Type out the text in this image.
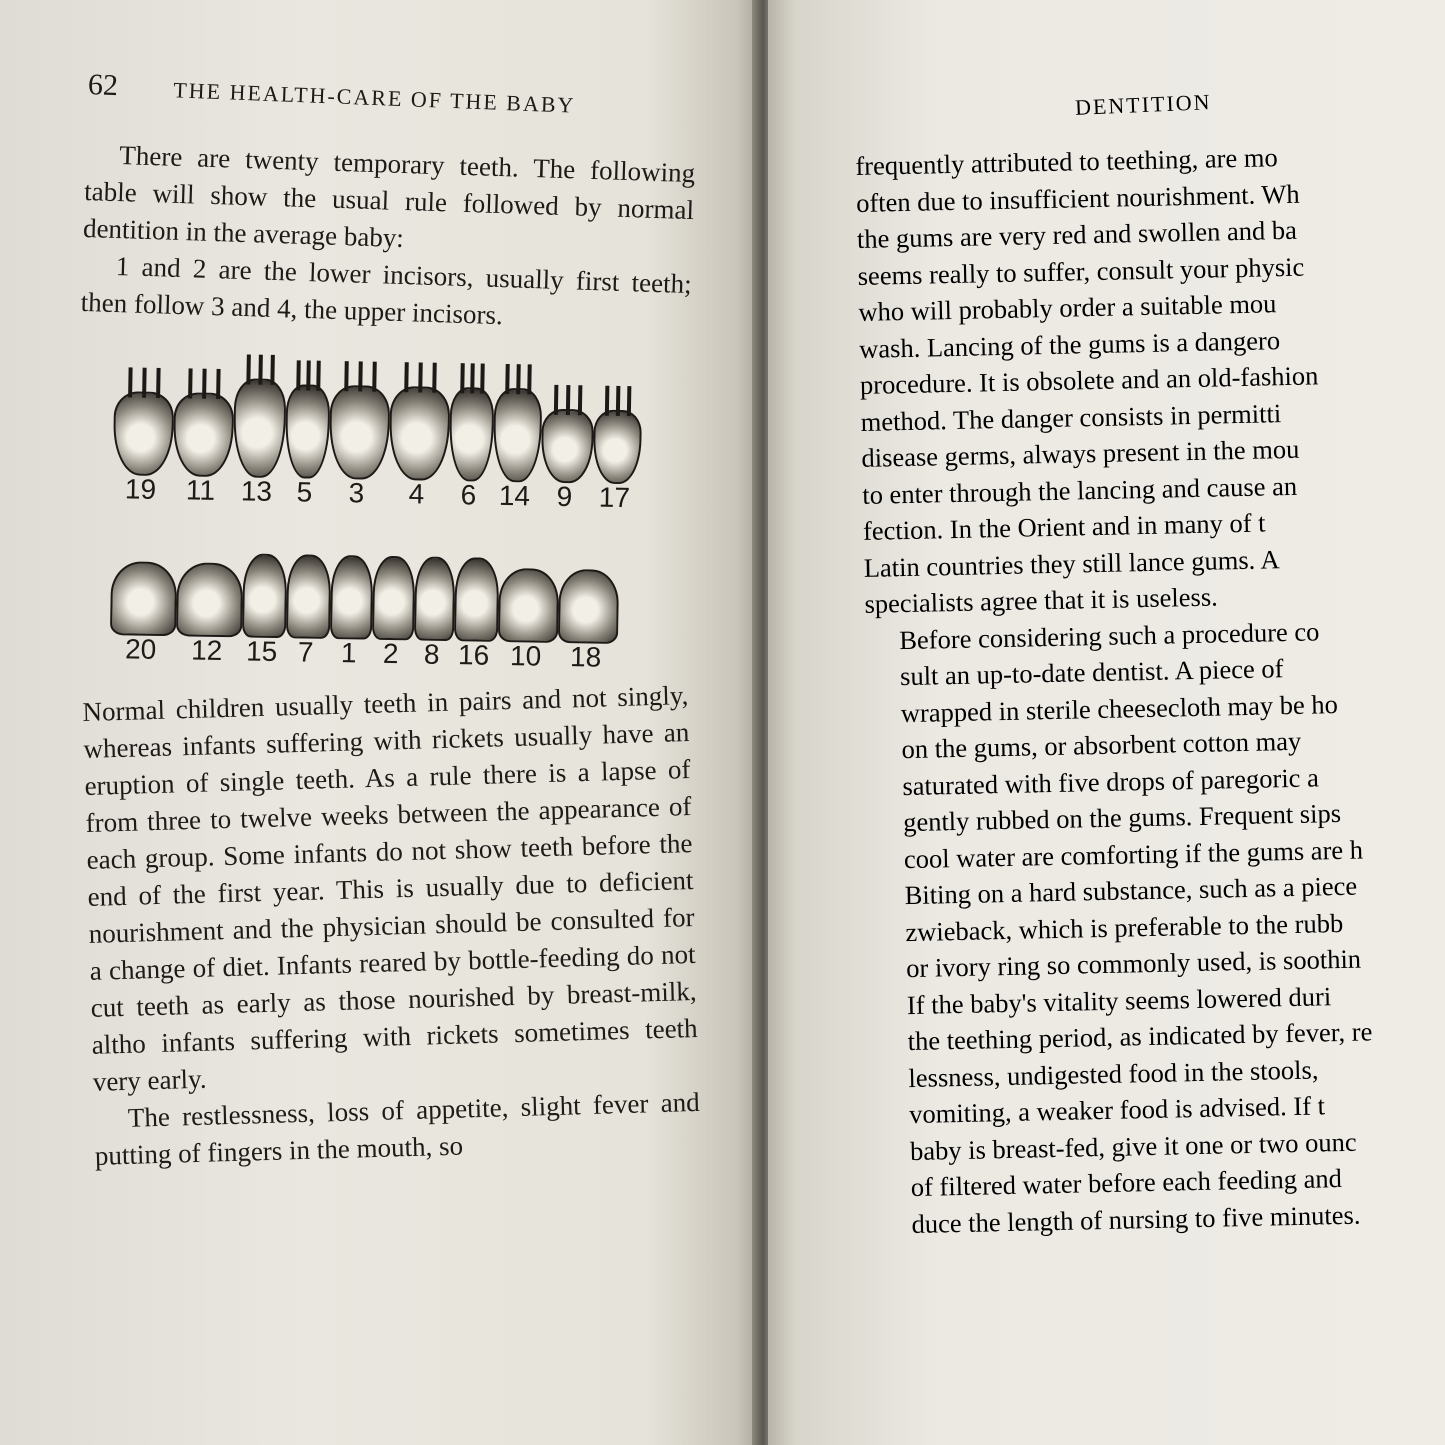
62 THE HEALTH-CARE OF THE BABY

There are twenty temporary teeth. The following table will show the usual rule followed by normal dentition in the average baby:

1 and 2 are the lower incisors, usually first teeth; then follow 3 and 4, the upper incisors.

19	11 13 5	3	4	6 14 9 17
20	12 15 7 1 2 8 16 10	18

Normal children usually teeth in pairs and not singly, whereas infants suffering with rickets usually have an eruption of single teeth. As a rule there is a lapse of from three to twelve weeks between the appearance of each group. Some infants do not show teeth before the end of the first year. This is usually due to deficient nourishment and the physician should be consulted for a change of diet. Infants reared by bottle-feeding do not cut teeth as early as those nourished by breast-milk, altho infants suffering with rickets sometimes teeth very early.

The restlessness, loss of appetite, slight fever and putting of fingers in the mouth, so

DENTITION

frequently attributed to teething, are mo
often due to insufficient nourishment. Wh
the gums are very red and swollen and ba
seems really to suffer, consult your physic
who will probably order a suitable mou
wash. Lancing of the gums is a dangero
procedure. It is obsolete and an old-fashion
method. The danger consists in permitti
disease germs, always present in the mou
to enter through the lancing and cause an
fection. In the Orient and in many of t
Latin countries they still lance gums. A
specialists agree that it is useless.

Before considering such a procedure co
sult an up-to-date dentist. A piece of
wrapped in sterile cheesecloth may be ho
on the gums, or absorbent cotton may
saturated with five drops of paregoric a
gently rubbed on the gums. Frequent sips
cool water are comforting if the gums are h
Biting on a hard substance, such as a piece
zwieback, which is preferable to the rubb
or ivory ring so commonly used, is soothin
If the baby's vitality seems lowered duri
the teething period, as indicated by fever, re
lessness, undigested food in the stools,
vomiting, a weaker food is advised. If t
baby is breast-fed, give it one or two ounc
of filtered water before each feeding and
duce the length of nursing to five minutes.
